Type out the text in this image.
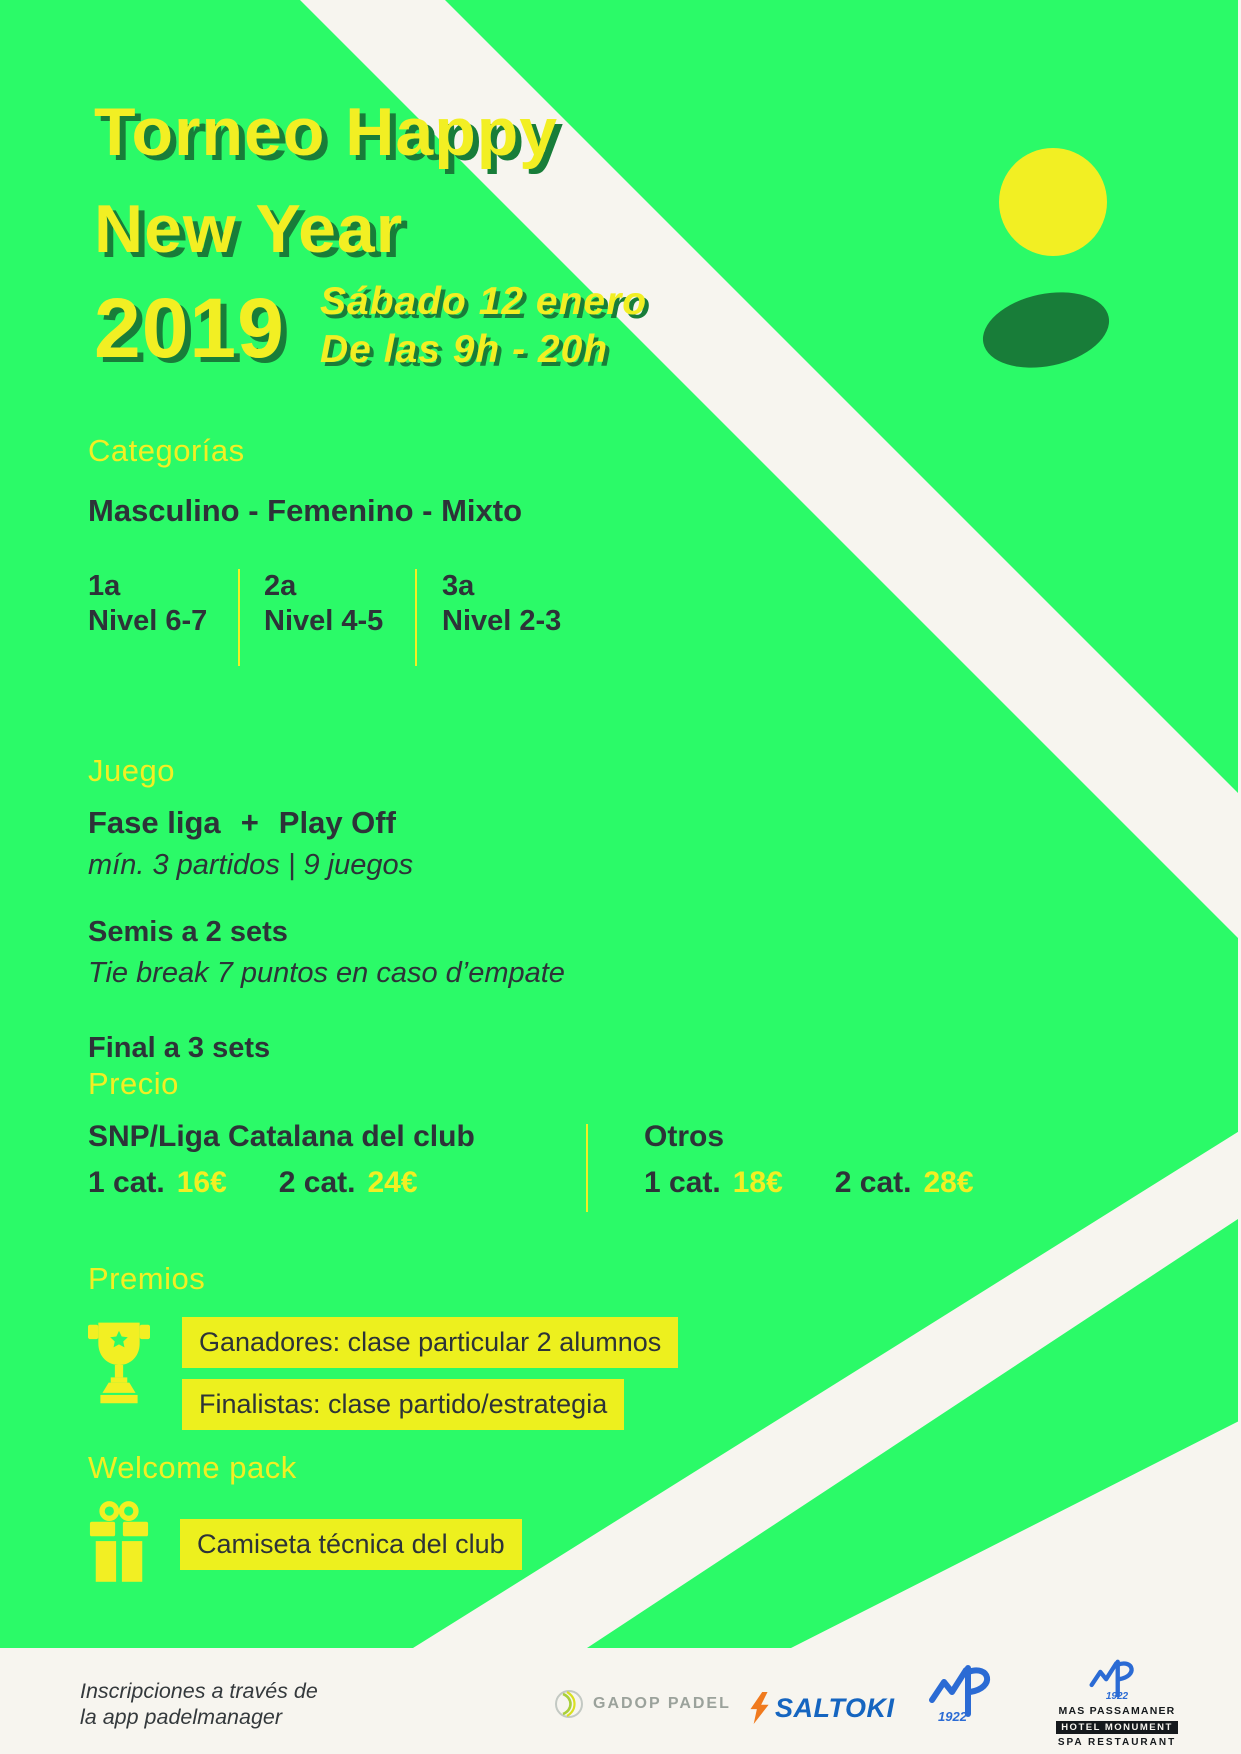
Torneo Happy
New Year
2019 Sábado 12 enero
De las 9h - 20h
Categorías
Masculino - Femenino - Mixto
1a
Nivel 6-7
2a
Nivel 4-5
3a
Nivel 2-3
Juego
Fase liga + Play Off
mín. 3 partidos | 9 juegos
Semis a 2 sets
Tie break 7 puntos en caso d’empate
Final a 3 sets
Precio
SNP/Liga Catalana del club
1 cat. 16€ 2 cat. 24€
Otros
1 cat. 18€ 2 cat. 28€
Premios
Ganadores: clase particular 2 alumnos
Finalistas: clase partido/estrategia
Welcome pack
Camiseta técnica del club
Inscripciones a través de
la app padelmanager
GADOP PADEL SALTOKI	1922
1922
MAS PASSAMANER
HOTEL MONUMENT
SPA RESTAURANT
